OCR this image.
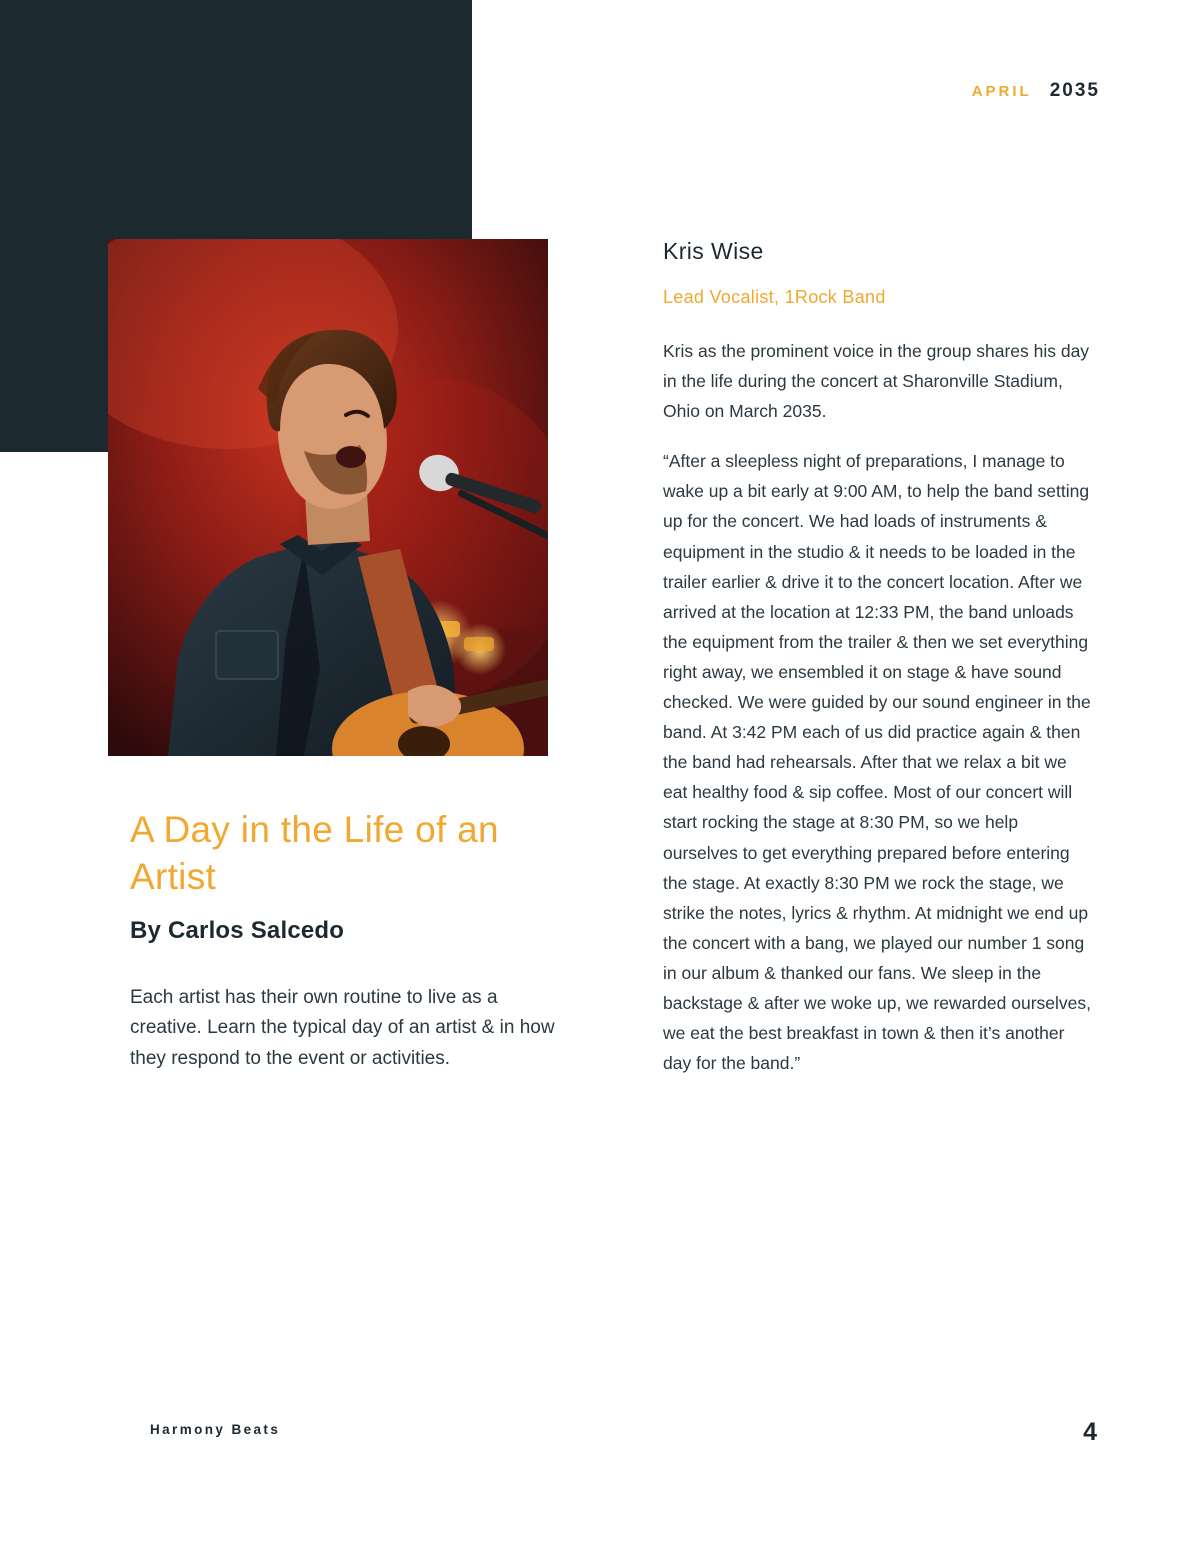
APRIL 2035
A Day in the Life of an Artist
By Carlos Salcedo

Each artist has their own routine to live as a creative. Learn the typical day of an artist & in how they respond to the event or activities.

Kris Wise

Lead Vocalist, 1Rock Band

Kris as the prominent voice in the group shares his day in the life during the concert at Sharonville Stadium, Ohio on March 2035.

“After a sleepless night of preparations, I manage to wake up a bit early at 9:00 AM, to help the band setting up for the concert. We had loads of instruments & equipment in the studio & it needs to be loaded in the trailer earlier & drive it to the concert location. After we arrived at the location at 12:33 PM, the band unloads the equipment from the trailer & then we set everything right away, we ensembled it on stage & have sound checked. We were guided by our sound engineer in the band. At 3:42 PM each of us did practice again & then the band had rehearsals. After that we relax a bit we eat healthy food & sip coffee. Most of our concert will start rocking the stage at 8:30 PM, so we help ourselves to get everything prepared before entering the stage. At exactly 8:30 PM we rock the stage, we strike the notes, lyrics & rhythm. At midnight we end up the concert with a bang, we played our number 1 song in our album & thanked our fans. We sleep in the backstage & after we woke up, we rewarded ourselves, we eat the best breakfast in town & then it’s another day for the band.”

Harmony Beats	4
